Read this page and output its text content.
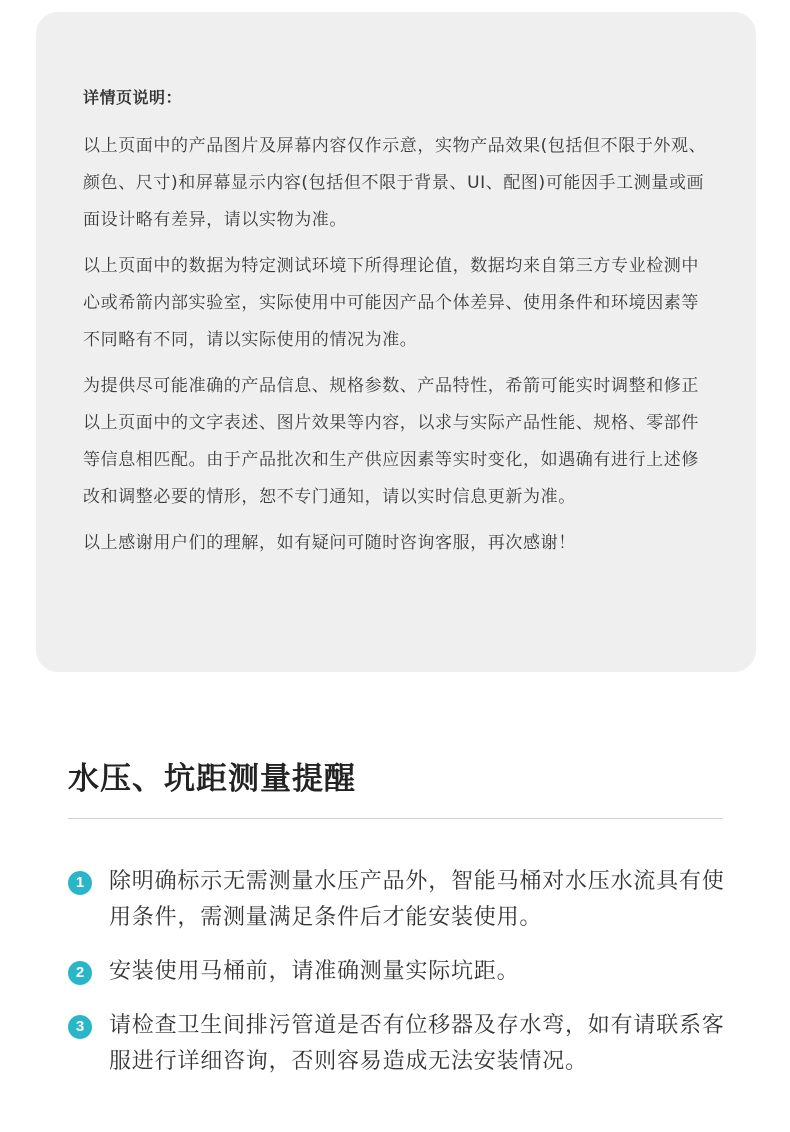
详情页说明：

以上页面中的产品图片及屏幕内容仅作示意，实物产品效果(包括但不限于外观、颜色、尺寸)和屏幕显示内容(包括但不限于背景、UI、配图)可能因手工测量或画面设计略有差异，请以实物为准。

以上页面中的数据为特定测试环境下所得理论值，数据均来自第三方专业检测中心或希箭内部实验室，实际使用中可能因产品个体差异、使用条件和环境因素等不同略有不同，请以实际使用的情况为准。

为提供尽可能准确的产品信息、规格参数、产品特性，希箭可能实时调整和修正以上页面中的文字表述、图片效果等内容，以求与实际产品性能、规格、零部件等信息相匹配。由于产品批次和生产供应因素等实时变化，如遇确有进行上述修改和调整必要的情形，恕不专门通知，请以实时信息更新为准。

以上感谢用户们的理解，如有疑问可随时咨询客服，再次感谢！

水压、坑距测量提醒
1	除明确标示无需测量水压产品外，智能马桶对水压水流具有使用条件，需测量满足条件后才能安装使用。
2	安装使用马桶前，请准确测量实际坑距。
3	请检查卫生间排污管道是否有位移器及存水弯，如有请联系客服进行详细咨询，否则容易造成无法安装情况。
